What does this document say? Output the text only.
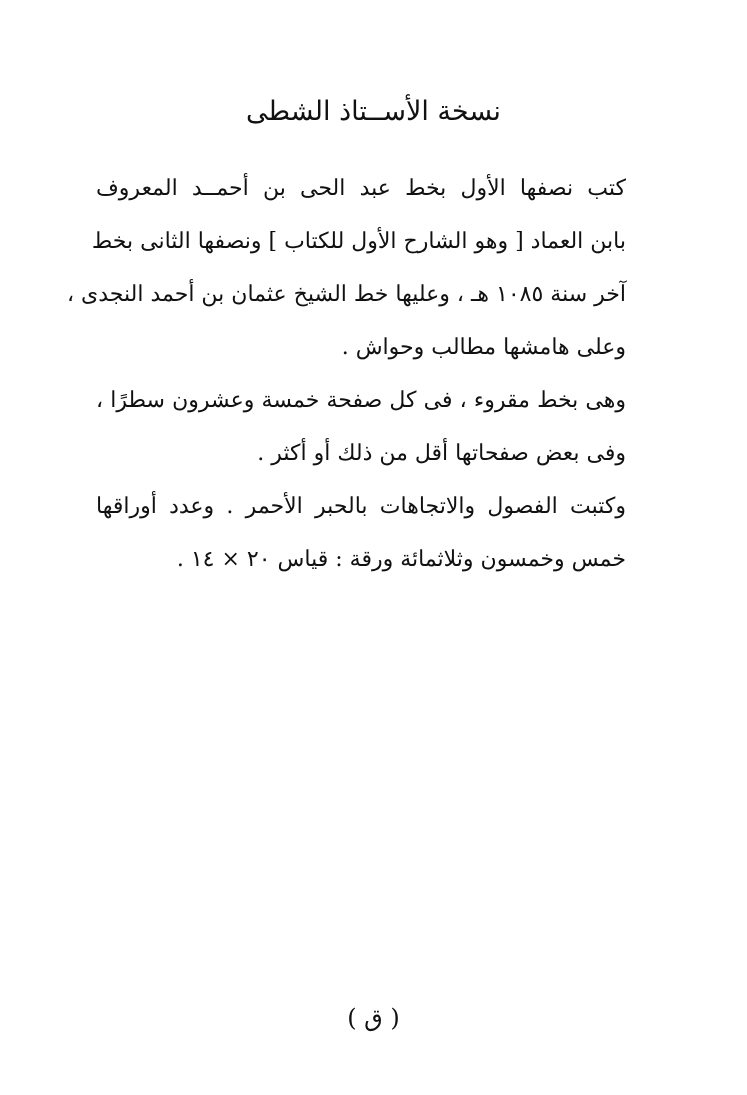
نسخة الأســتاذ الشطى

كتب نصفها الأول بخط عبد الحى بن أحمــد المعروف
بابن العماد [ وهو الشارح الأول للكتاب ] ونصفها الثانى بخط
آخر سنة ١٠٨٥ هـ ، وعليها خط الشيخ عثمان بن أحمد النجدى ،
وعلى هامشها مطالب وحواش .

وهى بخط مقروء ، فى كل صفحة خمسة وعشرون سطرًا ،
وفى بعض صفحاتها أقل من ذلك أو أكثر .

وكتبت الفصول والاتجاهات بالحبر الأحمر . وعدد أوراقها
خمس وخمسون وثلاثمائة ورقة : قياس ٢٠ × ١٤ .

( ق )
